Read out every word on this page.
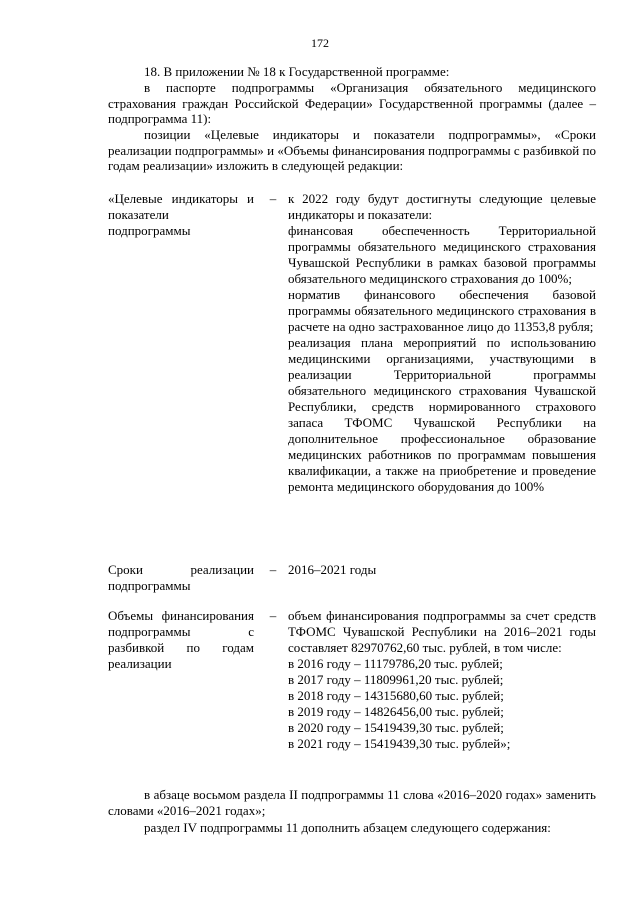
172
18. В приложении № 18 к Государственной программе:
в паспорте подпрограммы «Организация обязательного медицинского страхования граждан Российской Федерации» Государственной программы (далее – подпрограмма 11):
позиции «Целевые индикаторы и показатели подпрограммы», «Сроки реализации подпрограммы» и «Объемы финансирования подпрограммы с разбивкой по годам реализации» изложить в следующей редакции:
«Целевые индикаторы и показатели подпрограммы
– к 2022 году будут достигнуты следующие целевые индикаторы и показатели:

финансовая обеспеченность Территориальной программы обязательного медицинского страхования Чувашской Республики в рамках базовой программы обязательного медицинского страхования до 100%;

норматив финансового обеспечения базовой программы обязательного медицинского страхования в расчете на одно застрахованное лицо до 11353,8 рубля;

реализация плана мероприятий по использованию медицинскими организациями, участвующими в реализации Территориальной программы обязательного медицинского страхования Чувашской Республики, средств нормированного страхового запаса ТФОМС Чувашской Республики на дополнительное профессиональное образование медицинских работников по программам повышения квалификации, а также на приобретение и проведение ремонта медицинского оборудования до 100%

Сроки реализации подпрограммы
– 2016–2021 годы

Объемы финансирования подпрограммы с разбивкой по годам реализации
– объем финансирования подпрограммы за счет средств ТФОМС Чувашской Республики на 2016–2021 годы составляет 82970762,60 тыс. рублей, в том числе:

в 2016 году – 11179786,20 тыс. рублей;
в 2017 году – 11809961,20 тыс. рублей;
в 2018 году – 14315680,60 тыс. рублей;
в 2019 году – 14826456,00 тыс. рублей;
в 2020 году – 15419439,30 тыс. рублей;
в 2021 году – 15419439,30 тыс. рублей»;
в абзаце восьмом раздела II подпрограммы 11 слова «2016–2020 годах» заменить словами «2016–2021 годах»;
раздел IV подпрограммы 11 дополнить абзацем следующего содержания:
